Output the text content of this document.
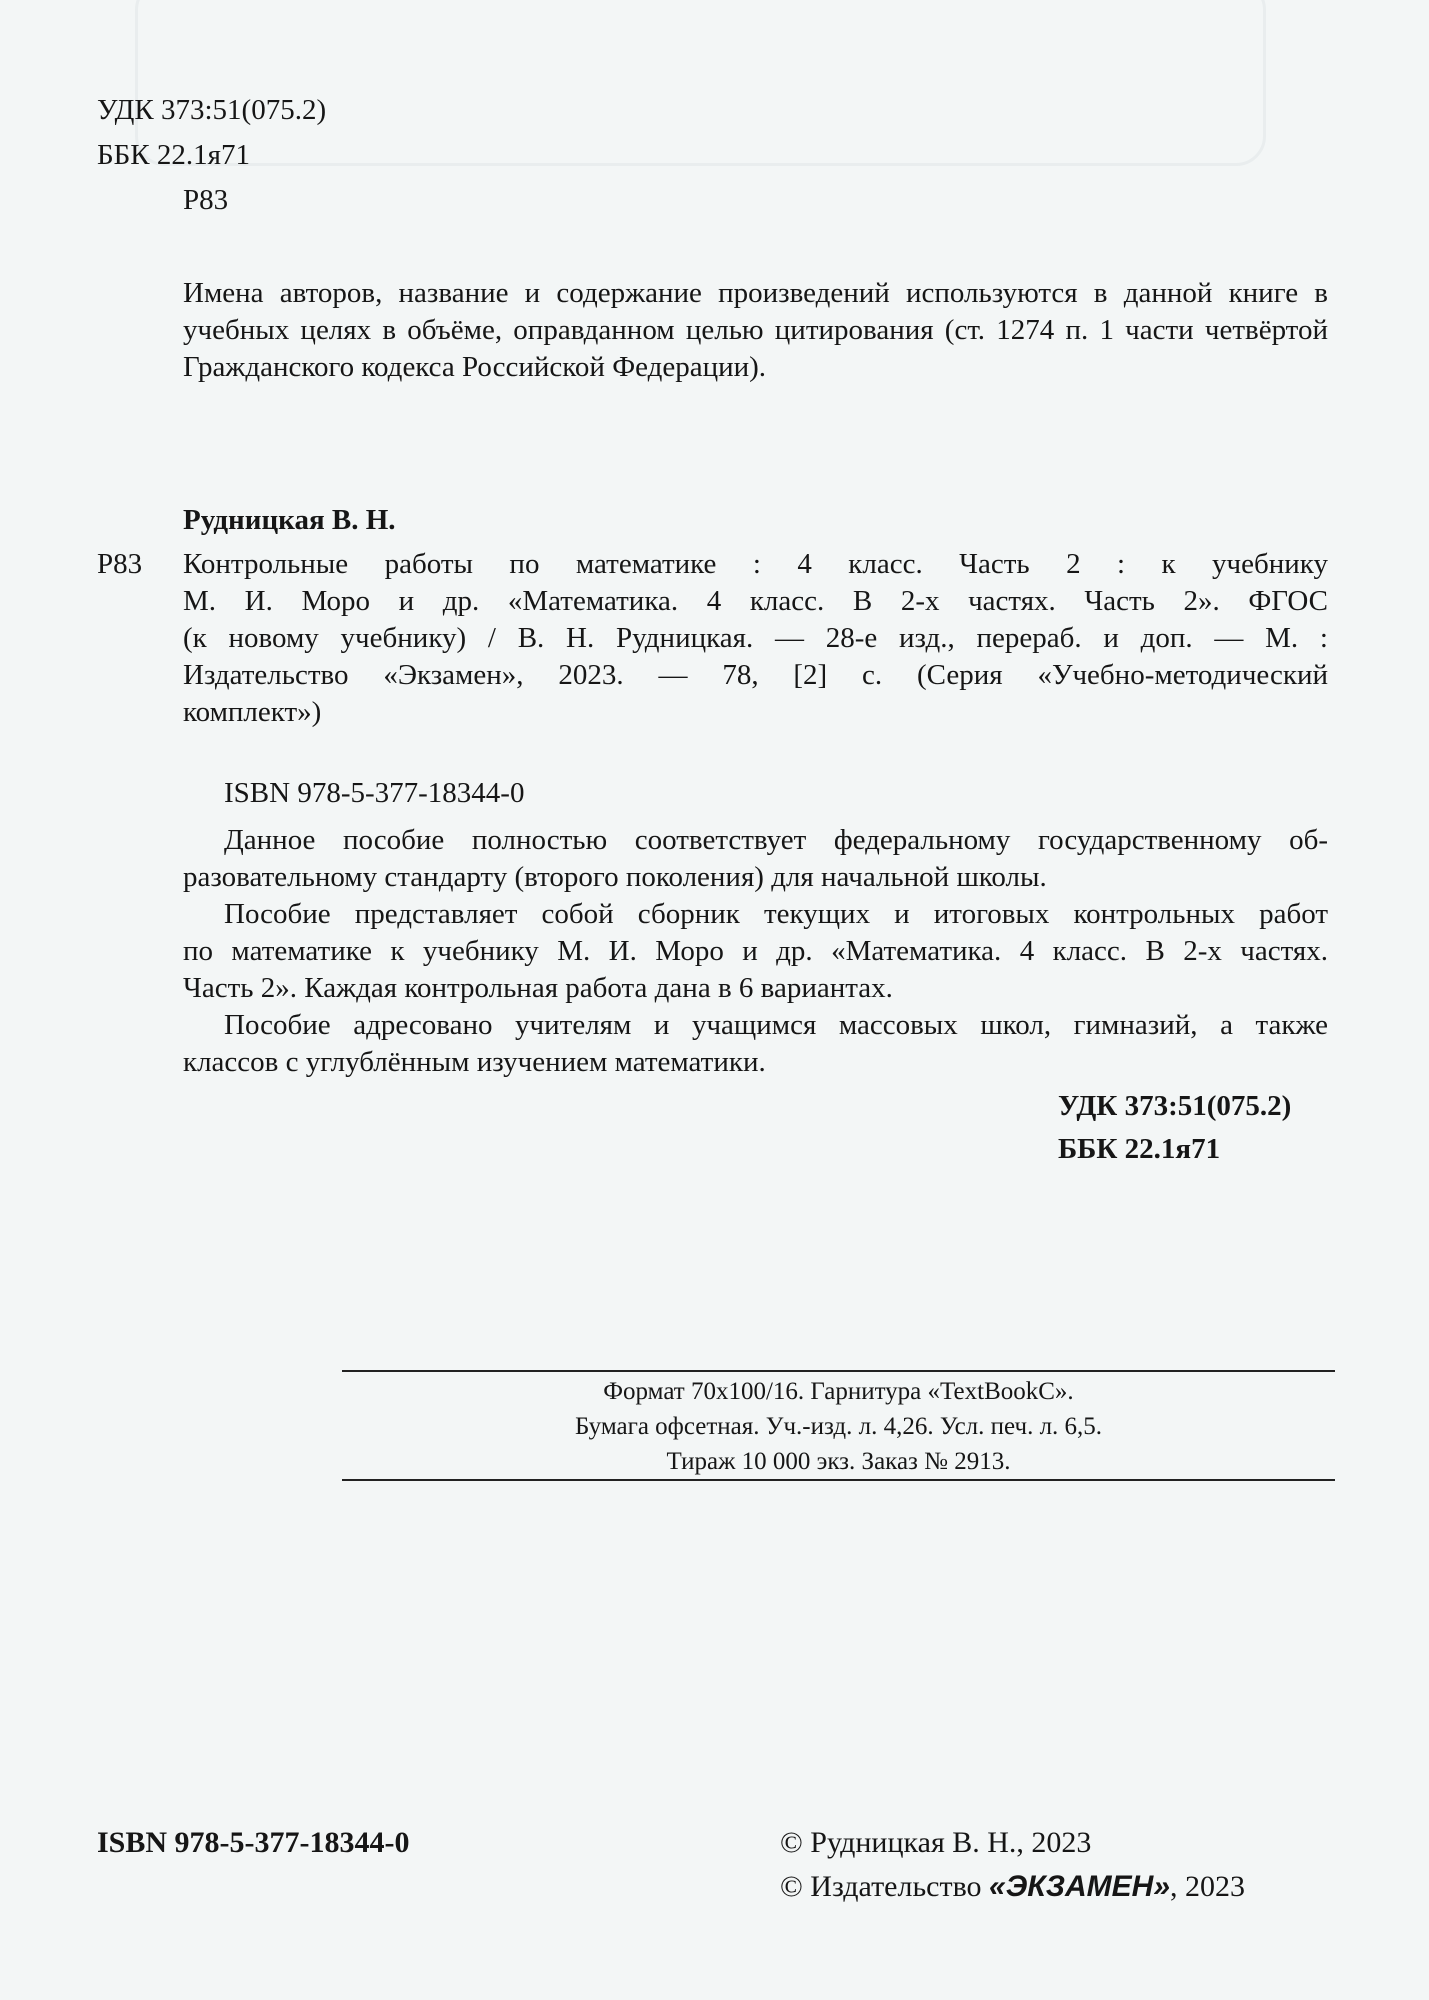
УДК 373:51(075.2)
ББК 22.1я71
Р83
Имена авторов, название и содержание произведений используются в данной книге в учебных целях в объёме, оправданном целью цитирования (ст. 1274 п. 1 части четвёртой Гражданского кодекса Российской Федерации).
Рудницкая В. Н.
Р83 Контрольные работы по математике : 4 класс. Часть 2 : к учебнику
М. И. Моро и др. «Математика. 4 класс. В 2-х частях. Часть 2». ФГОС
(к новому учебнику) / В. Н. Рудницкая. — 28-е изд., перераб. и доп. — М. :
Издательство «Экзамен», 2023. — 78, [2] с. (Серия «Учебно-методический
комплект»)
ISBN 978-5-377-18344-0
Данное пособие полностью соответствует федеральному государственному об-
разовательному стандарту (второго поколения) для начальной школы.
Пособие представляет собой сборник текущих и итоговых контрольных работ
по математике к учебнику М. И. Моро и др. «Математика. 4 класс. В 2-х частях.
Часть 2». Каждая контрольная работа дана в 6 вариантах.
Пособие адресовано учителям и учащимся массовых школ, гимназий, а также
классов с углублённым изучением математики.
УДК 373:51(075.2)
ББК 22.1я71
Формат 70x100/16. Гарнитура «TextBookC».
Бумага офсетная. Уч.-изд. л. 4,26. Усл. печ. л. 6,5.
Тираж 10 000 экз. Заказ № 2913.
ISBN 978-5-377-18344-0	© Рудницкая В. Н., 2023
© Издательство «ЭКЗАМЕН», 2023
